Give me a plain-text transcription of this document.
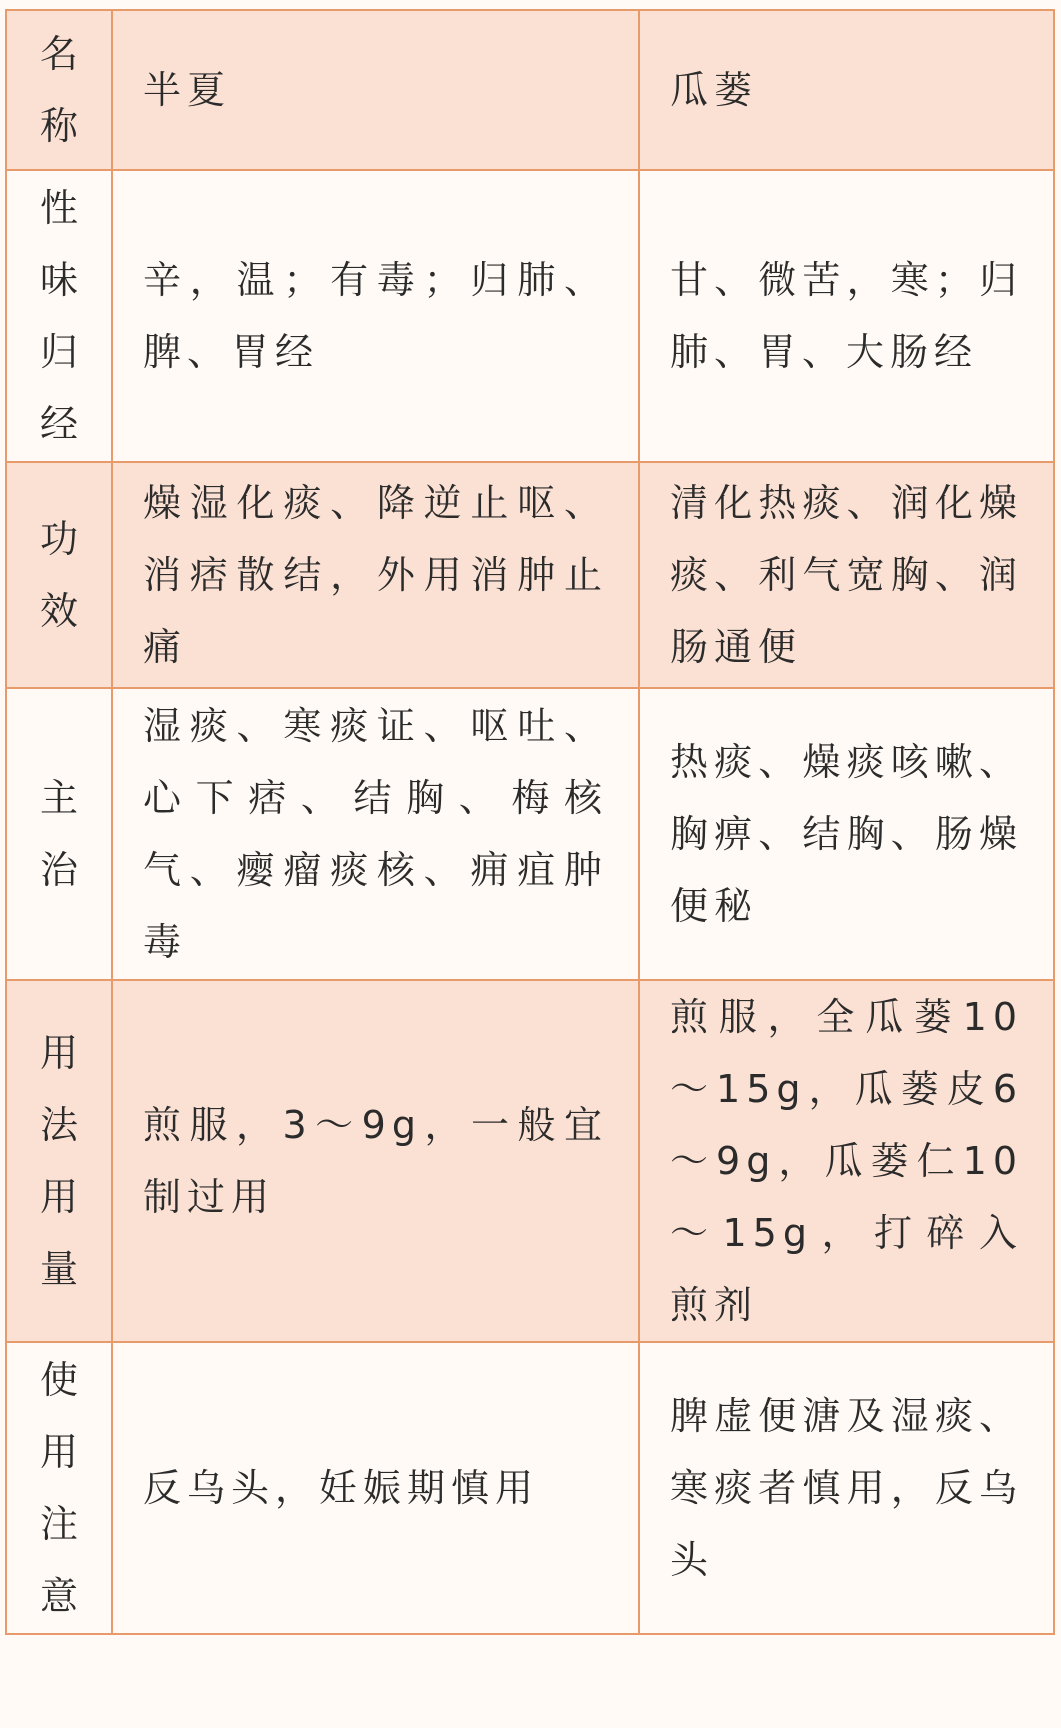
名称	半夏	瓜蒌

性味归经	辛，温；有毒；归肺、脾、胃经	甘、微苦，寒；归肺、胃、大肠经

功效	燥湿化痰、降逆止呕、消痞散结，外用消肿止痛	清化热痰、润化燥痰、利气宽胸、润肠通便

主治	湿痰、寒痰证、呕吐、心下痞、结胸、梅核气、瘿瘤痰核、痈疽肿毒	热痰、燥痰咳嗽、胸痹、结胸、肠燥便秘

用法用量	煎服，3～9g，一般宜制过用	煎服，全瓜蒌10～15g，瓜蒌皮6～9g，瓜蒌仁10～15g，打碎入煎剂

使用注意	反乌头，妊娠期慎用	脾虚便溏及湿痰、寒痰者慎用，反乌头
